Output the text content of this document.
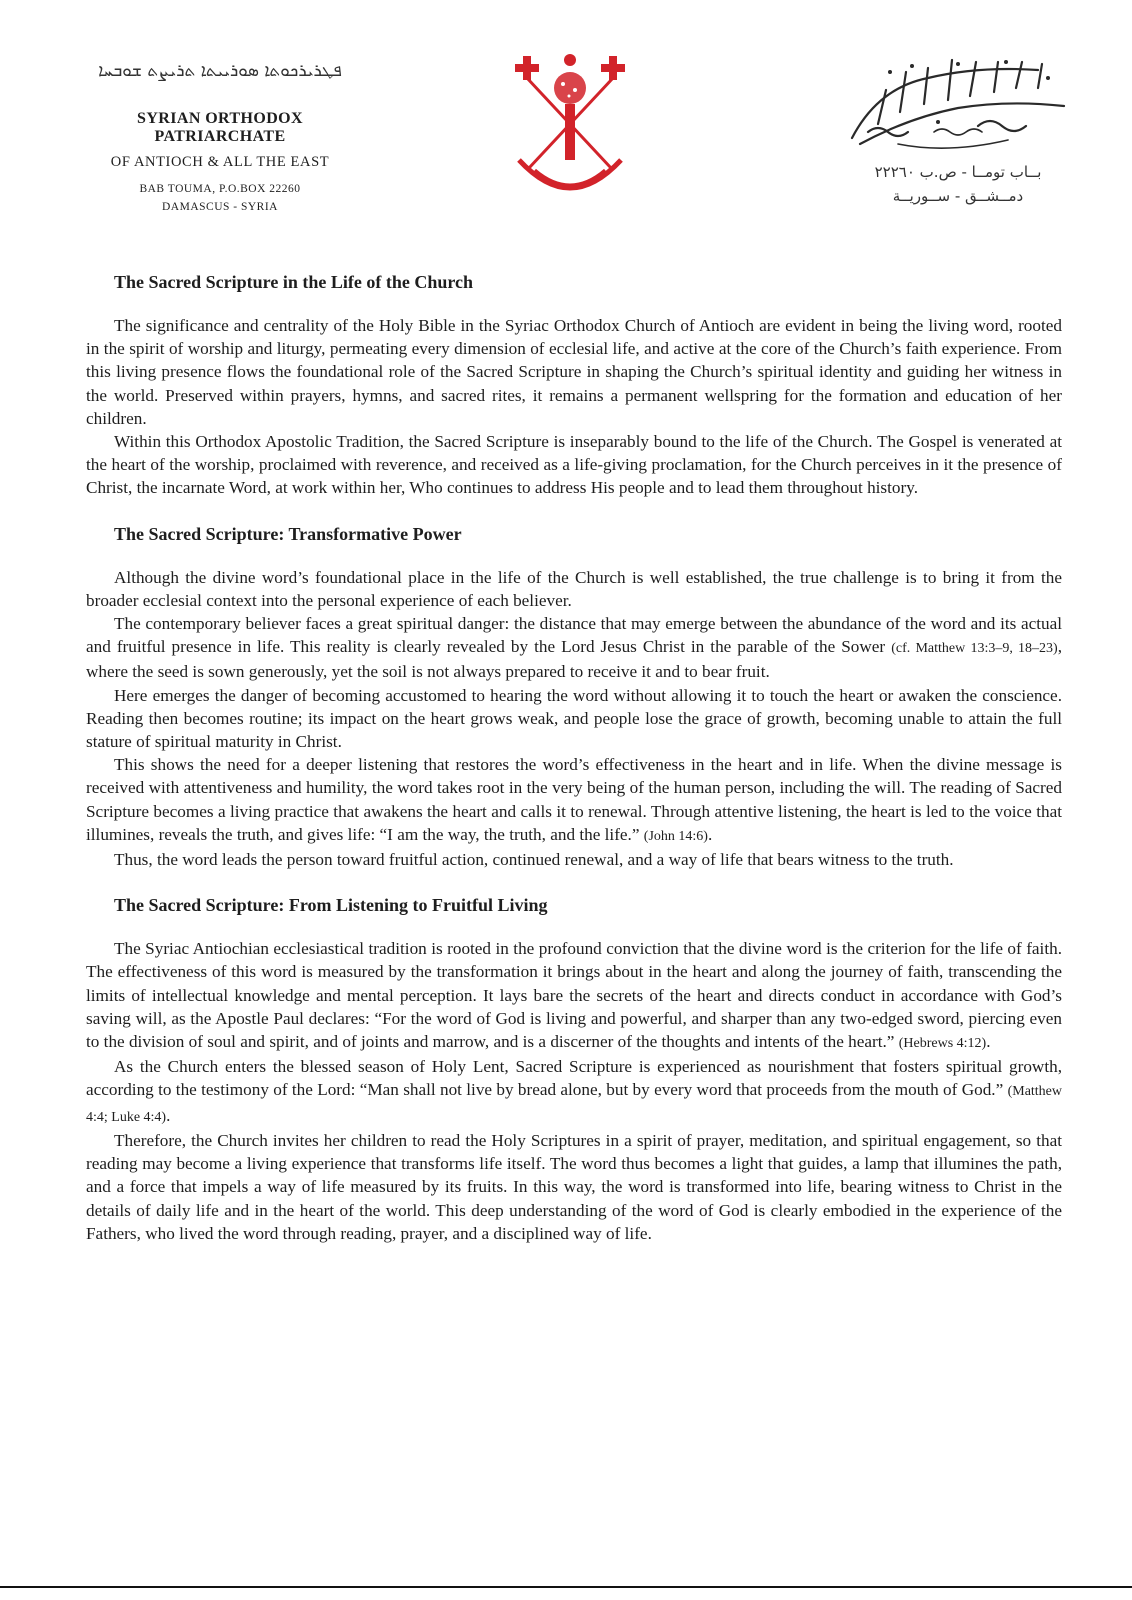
ܦܛܪܝܪܟܘܬܐ ܣܘܪܝܝܬܐ ܬܪܝܨܬ ܫܘܒܚܐ
SYRIAN ORTHODOX PATRIARCHATE
OF ANTIOCH & ALL THE EAST
BAB TOUMA, P.O.BOX 22260
DAMASCUS - SYRIA
بــاب تومــا - ص.ب ٢٢٢٦٠
دمــشــق - ســوريــة
The Sacred Scripture in the Life of the Church

The significance and centrality of the Holy Bible in the Syriac Orthodox Church of Antioch are evident in being the living word, rooted in the spirit of worship and liturgy, permeating every dimension of ecclesial life, and active at the core of the Church’s faith experience. From this living presence flows the foundational role of the Sacred Scripture in shaping the Church’s spiritual identity and guiding her witness in the world. Preserved within prayers, hymns, and sacred rites, it remains a permanent wellspring for the formation and education of her children.

Within this Orthodox Apostolic Tradition, the Sacred Scripture is inseparably bound to the life of the Church. The Gospel is venerated at the heart of the worship, proclaimed with reverence, and received as a life-giving proclamation, for the Church perceives in it the presence of Christ, the incarnate Word, at work within her, Who continues to address His people and to lead them throughout history.

The Sacred Scripture: Transformative Power

Although the divine word’s foundational place in the life of the Church is well established, the true challenge is to bring it from the broader ecclesial context into the personal experience of each believer.

The contemporary believer faces a great spiritual danger: the distance that may emerge between the abundance of the word and its actual and fruitful presence in life. This reality is clearly revealed by the Lord Jesus Christ in the parable of the Sower (cf. Matthew 13:3–9, 18–23), where the seed is sown generously, yet the soil is not always prepared to receive it and to bear fruit.

Here emerges the danger of becoming accustomed to hearing the word without allowing it to touch the heart or awaken the conscience. Reading then becomes routine; its impact on the heart grows weak, and people lose the grace of growth, becoming unable to attain the full stature of spiritual maturity in Christ.

This shows the need for a deeper listening that restores the word’s effectiveness in the heart and in life. When the divine message is received with attentiveness and humility, the word takes root in the very being of the human person, including the will. The reading of Sacred Scripture becomes a living practice that awakens the heart and calls it to renewal. Through attentive listening, the heart is led to the voice that illumines, reveals the truth, and gives life: “I am the way, the truth, and the life.” (John 14:6).

Thus, the word leads the person toward fruitful action, continued renewal, and a way of life that bears witness to the truth.

The Sacred Scripture: From Listening to Fruitful Living

The Syriac Antiochian ecclesiastical tradition is rooted in the profound conviction that the divine word is the criterion for the life of faith. The effectiveness of this word is measured by the transformation it brings about in the heart and along the journey of faith, transcending the limits of intellectual knowledge and mental perception. It lays bare the secrets of the heart and directs conduct in accordance with God’s saving will, as the Apostle Paul declares: “For the word of God is living and powerful, and sharper than any two-edged sword, piercing even to the division of soul and spirit, and of joints and marrow, and is a discerner of the thoughts and intents of the heart.” (Hebrews 4:12).

As the Church enters the blessed season of Holy Lent, Sacred Scripture is experienced as nourishment that fosters spiritual growth, according to the testimony of the Lord: “Man shall not live by bread alone, but by every word that proceeds from the mouth of God.” (Matthew 4:4; Luke 4:4).

Therefore, the Church invites her children to read the Holy Scriptures in a spirit of prayer, meditation, and spiritual engagement, so that reading may become a living experience that transforms life itself. The word thus becomes a light that guides, a lamp that illumines the path, and a force that impels a way of life measured by its fruits. In this way, the word is transformed into life, bearing witness to Christ in the details of daily life and in the heart of the world. This deep understanding of the word of God is clearly embodied in the experience of the Fathers, who lived the word through reading, prayer, and a disciplined way of life.
